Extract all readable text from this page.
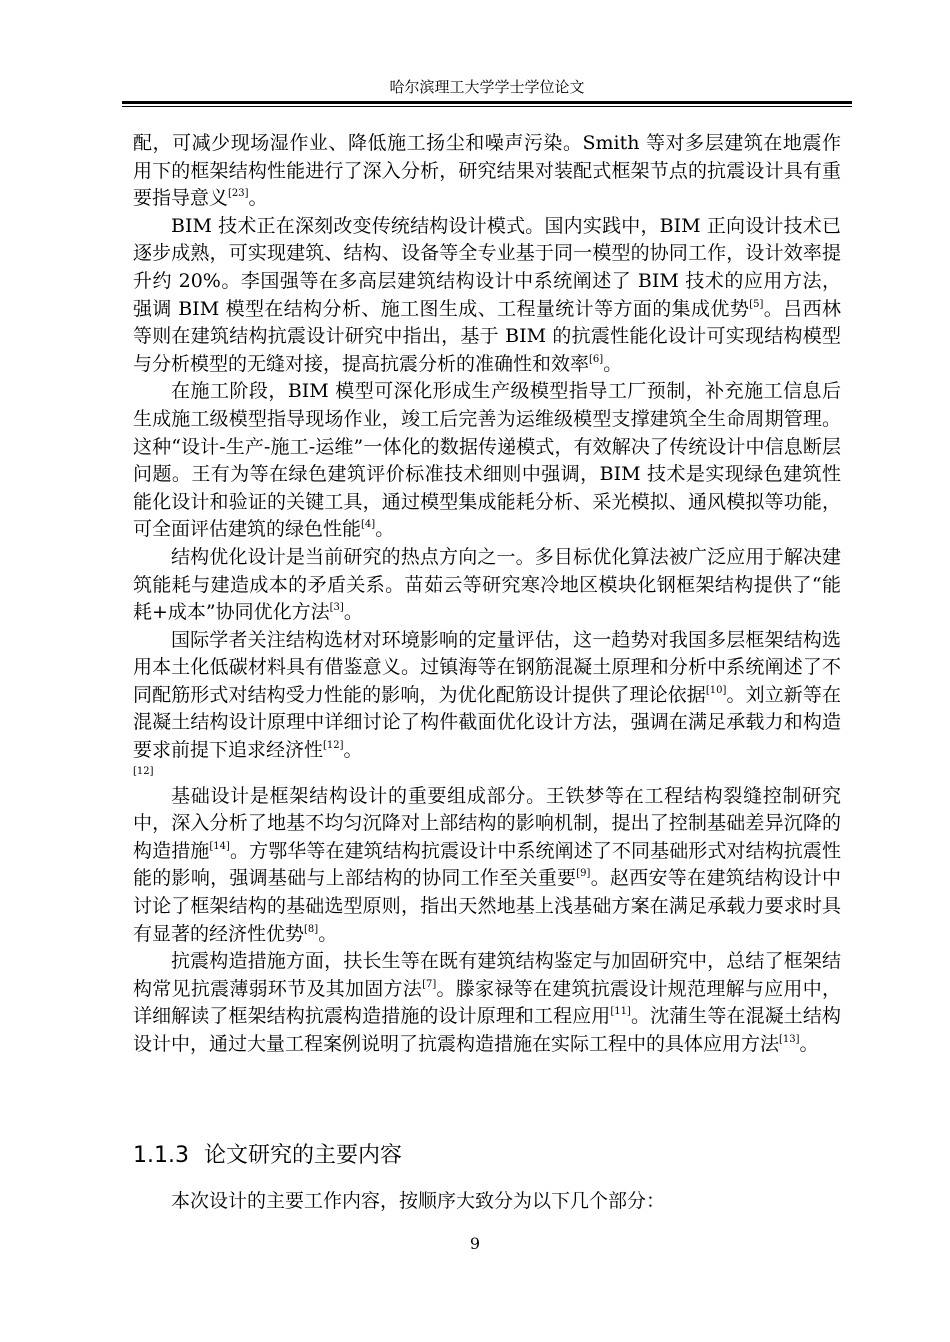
哈尔滨理工大学学士学位论文

配，可减少现场湿作业、降低施工扬尘和噪声污染。Smith 等对多层建筑在地震作用下的框架结构性能进行了深入分析，研究结果对装配式框架节点的抗震设计具有重要指导意义[23]。

BIM 技术正在深刻改变传统结构设计模式。国内实践中，BIM 正向设计技术已逐步成熟，可实现建筑、结构、设备等全专业基于同一模型的协同工作，设计效率提升约 20%。李国强等在多高层建筑结构设计中系统阐述了 BIM 技术的应用方法，强调 BIM 模型在结构分析、施工图生成、工程量统计等方面的集成优势[5]。吕西林等则在建筑结构抗震设计研究中指出，基于 BIM 的抗震性能化设计可实现结构模型与分析模型的无缝对接，提高抗震分析的准确性和效率[6]。

在施工阶段，BIM 模型可深化形成生产级模型指导工厂预制，补充施工信息后生成施工级模型指导现场作业，竣工后完善为运维级模型支撑建筑全生命周期管理。这种“设计-生产-施工-运维”一体化的数据传递模式，有效解决了传统设计中信息断层问题。王有为等在绿色建筑评价标准技术细则中强调，BIM 技术是实现绿色建筑性能化设计和验证的关键工具，通过模型集成能耗分析、采光模拟、通风模拟等功能，可全面评估建筑的绿色性能[4]。

结构优化设计是当前研究的热点方向之一。多目标优化算法被广泛应用于解决建筑能耗与建造成本的矛盾关系。苗茹云等研究寒冷地区模块化钢框架结构提供了“能耗+成本”协同优化方法[3]。

国际学者关注结构选材对环境影响的定量评估，这一趋势对我国多层框架结构选用本土化低碳材料具有借鉴意义。过镇海等在钢筋混凝土原理和分析中系统阐述了不同配筋形式对结构受力性能的影响，为优化配筋设计提供了理论依据[10]。刘立新等在混凝土结构设计原理中详细讨论了构件截面优化设计方法，强调在满足承载力和构造要求前提下追求经济性[12]。

[12]

基础设计是框架结构设计的重要组成部分。王铁梦等在工程结构裂缝控制研究中，深入分析了地基不均匀沉降对上部结构的影响机制，提出了控制基础差异沉降的构造措施[14]。方鄂华等在建筑结构抗震设计中系统阐述了不同基础形式对结构抗震性能的影响，强调基础与上部结构的协同工作至关重要[9]。赵西安等在建筑结构设计中讨论了框架结构的基础选型原则，指出天然地基上浅基础方案在满足承载力要求时具有显著的经济性优势[8]。

抗震构造措施方面，扶长生等在既有建筑结构鉴定与加固研究中，总结了框架结构常见抗震薄弱环节及其加固方法[7]。滕家禄等在建筑抗震设计规范理解与应用中，详细解读了框架结构抗震构造措施的设计原理和工程应用[11]。沈蒲生等在混凝土结构设计中，通过大量工程案例说明了抗震构造措施在实际工程中的具体应用方法[13]。

1.1.3 论文研究的主要内容
本次设计的主要工作内容，按顺序大致分为以下几个部分：
9
